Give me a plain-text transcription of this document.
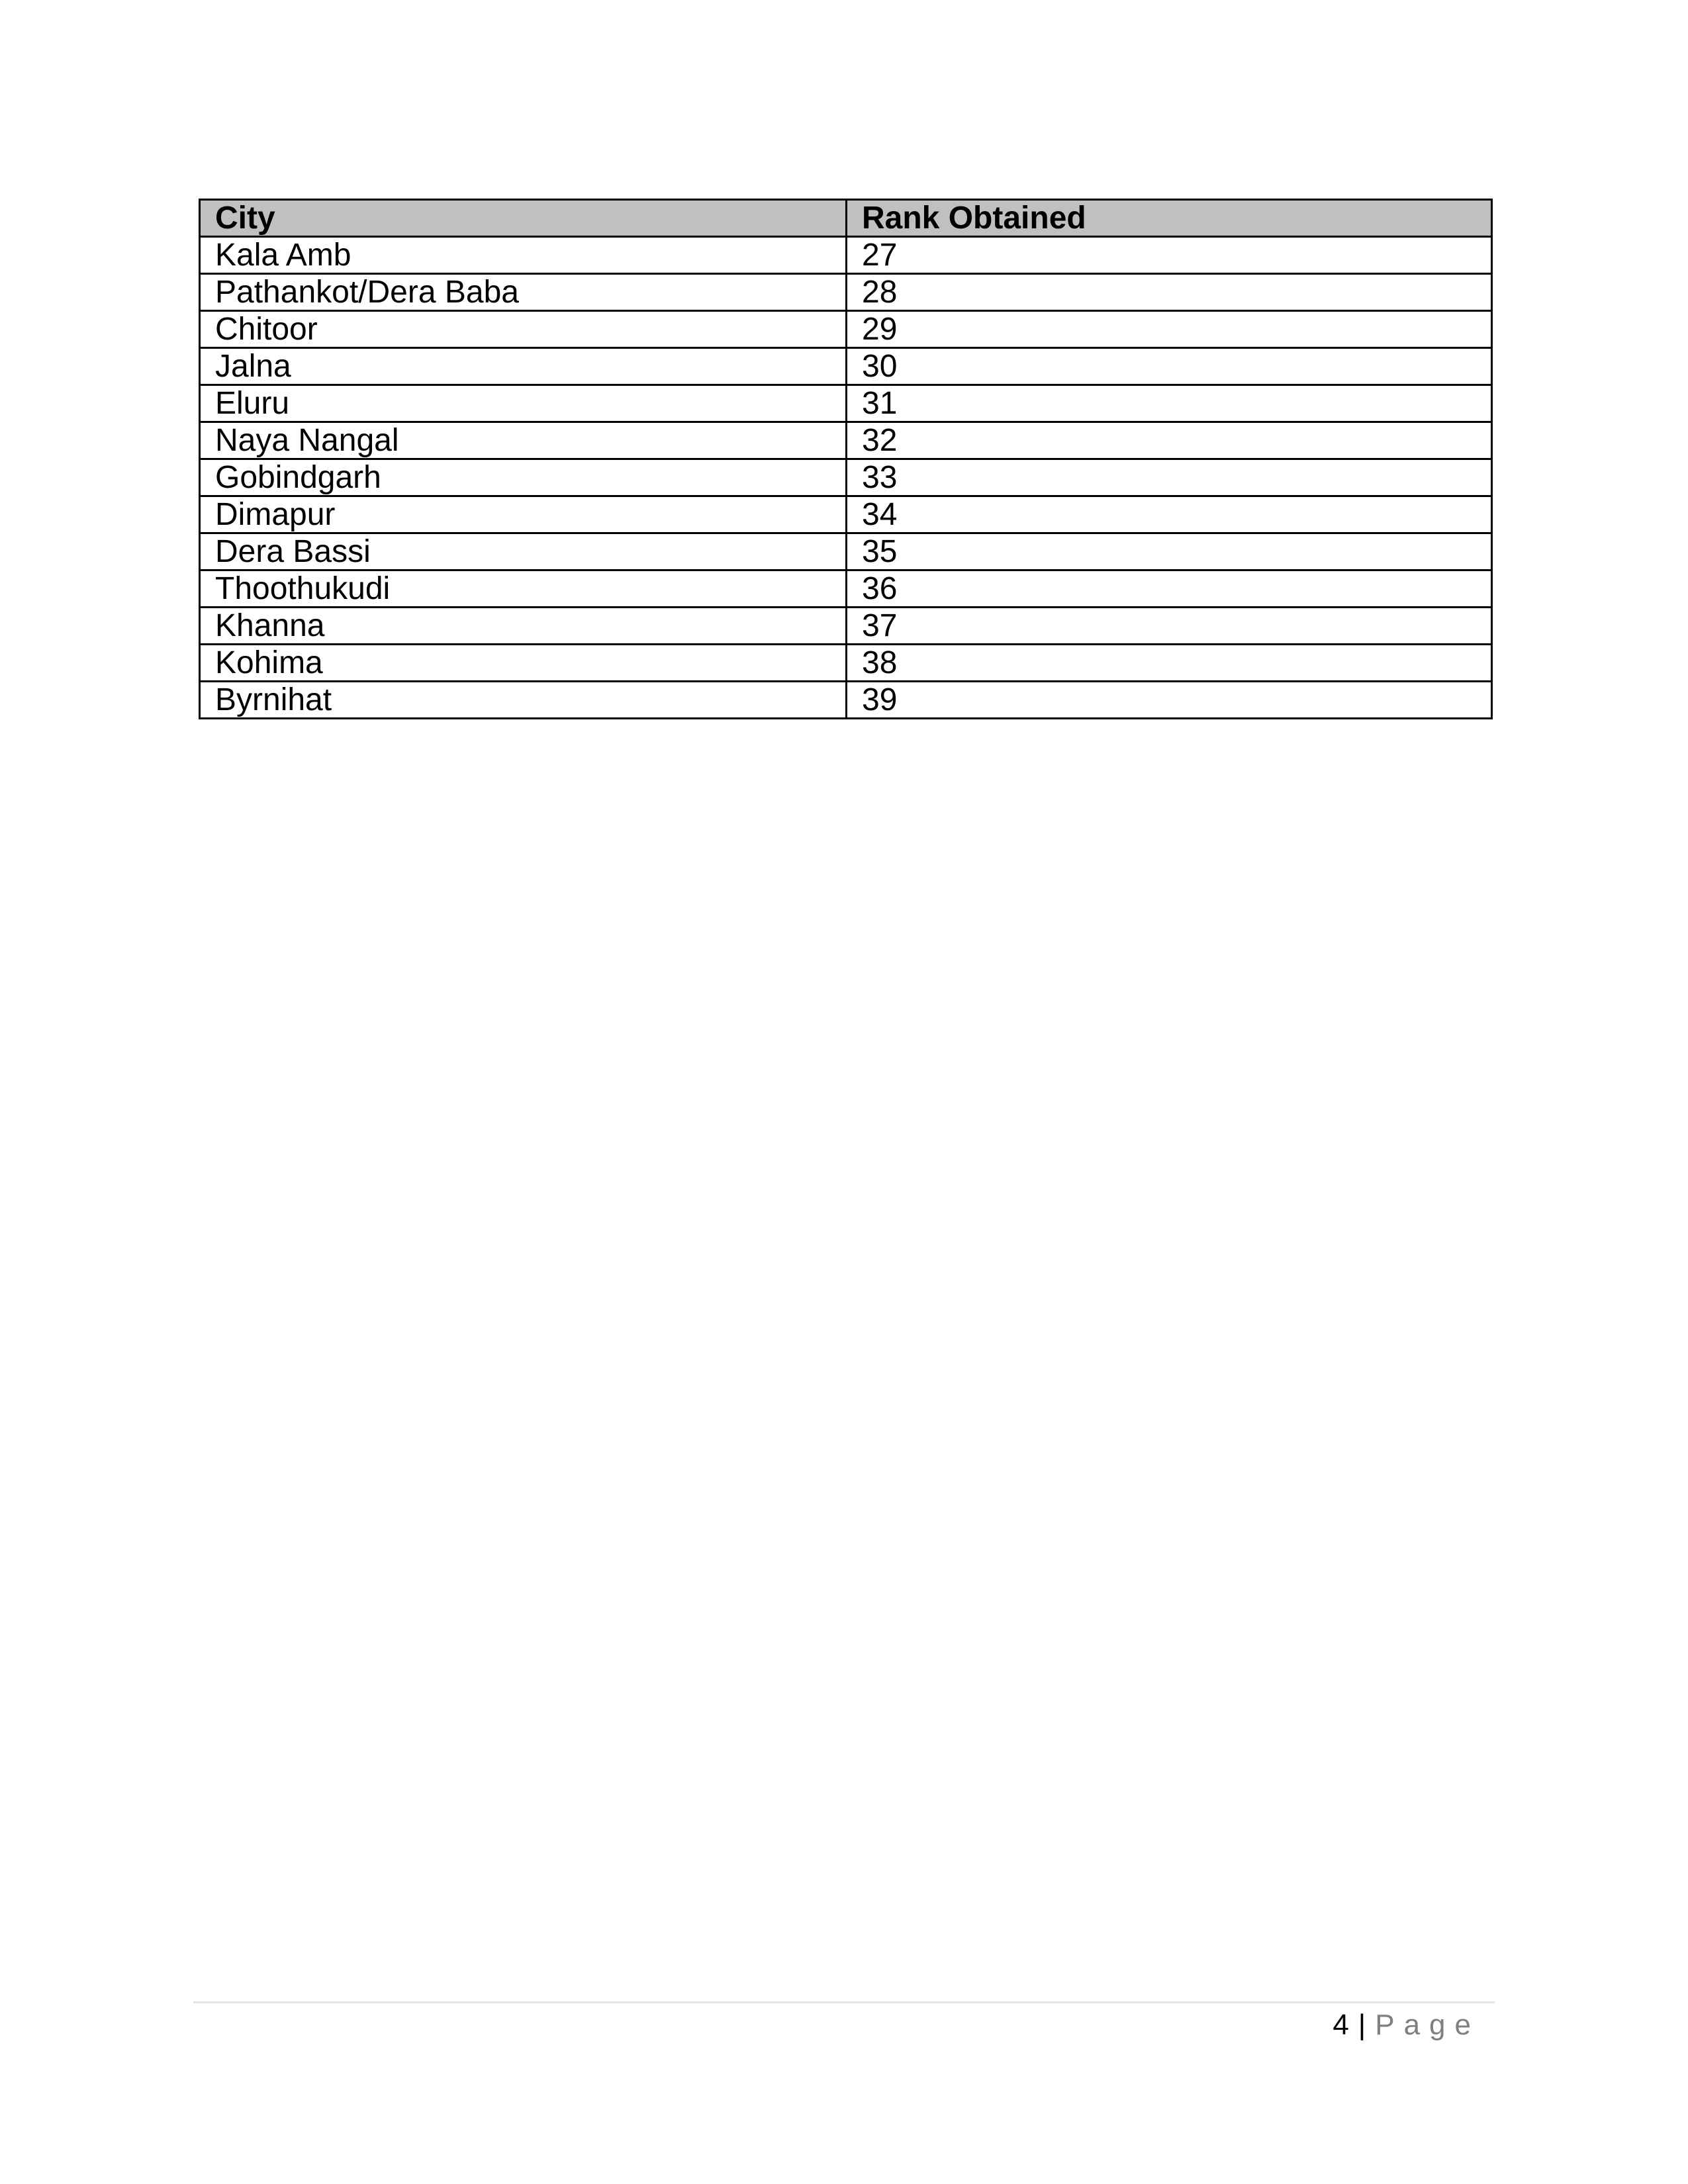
City	Rank Obtained
Kala Amb	27
Pathankot/Dera Baba	28
Chitoor	29
Jalna	30
Eluru	31
Naya Nangal	32
Gobindgarh	33
Dimapur	34
Dera Bassi	35
Thoothukudi	36
Khanna	37
Kohima	38
Byrnihat	39
4 | Page
